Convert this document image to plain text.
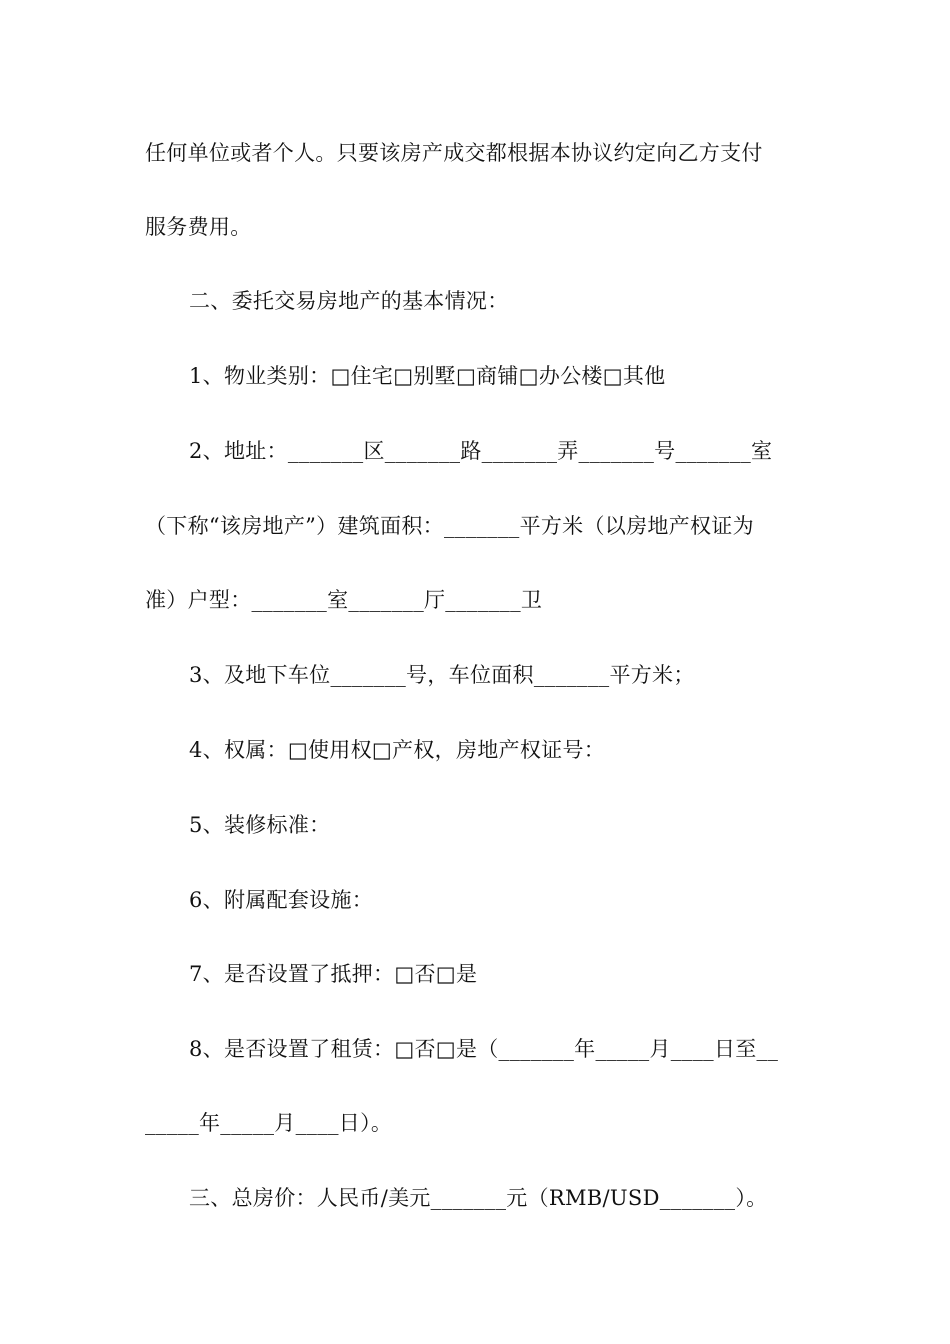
任何单位或者个人。只要该房产成交都根据本协议约定向乙方支付
服务费用。
二、委托交易房地产的基本情况：
1、物业类别：□住宅□别墅□商铺□办公楼□其他
2、地址：_______区_______路_______弄_______号_______室
（下称“该房地产”）建筑面积：_______平方米（以房地产权证为
准）户型：_______室_______厅_______卫
3、及地下车位_______号，车位面积_______平方米；
4、权属：□使用权□产权，房地产权证号：
5、装修标准：
6、附属配套设施：
7、是否设置了抵押：□否□是
8、是否设置了租赁：□否□是（_______年_____月____日至__
_____年_____月____日）。
三、总房价：人民币/美元_______元（RMB/USD_______）。
